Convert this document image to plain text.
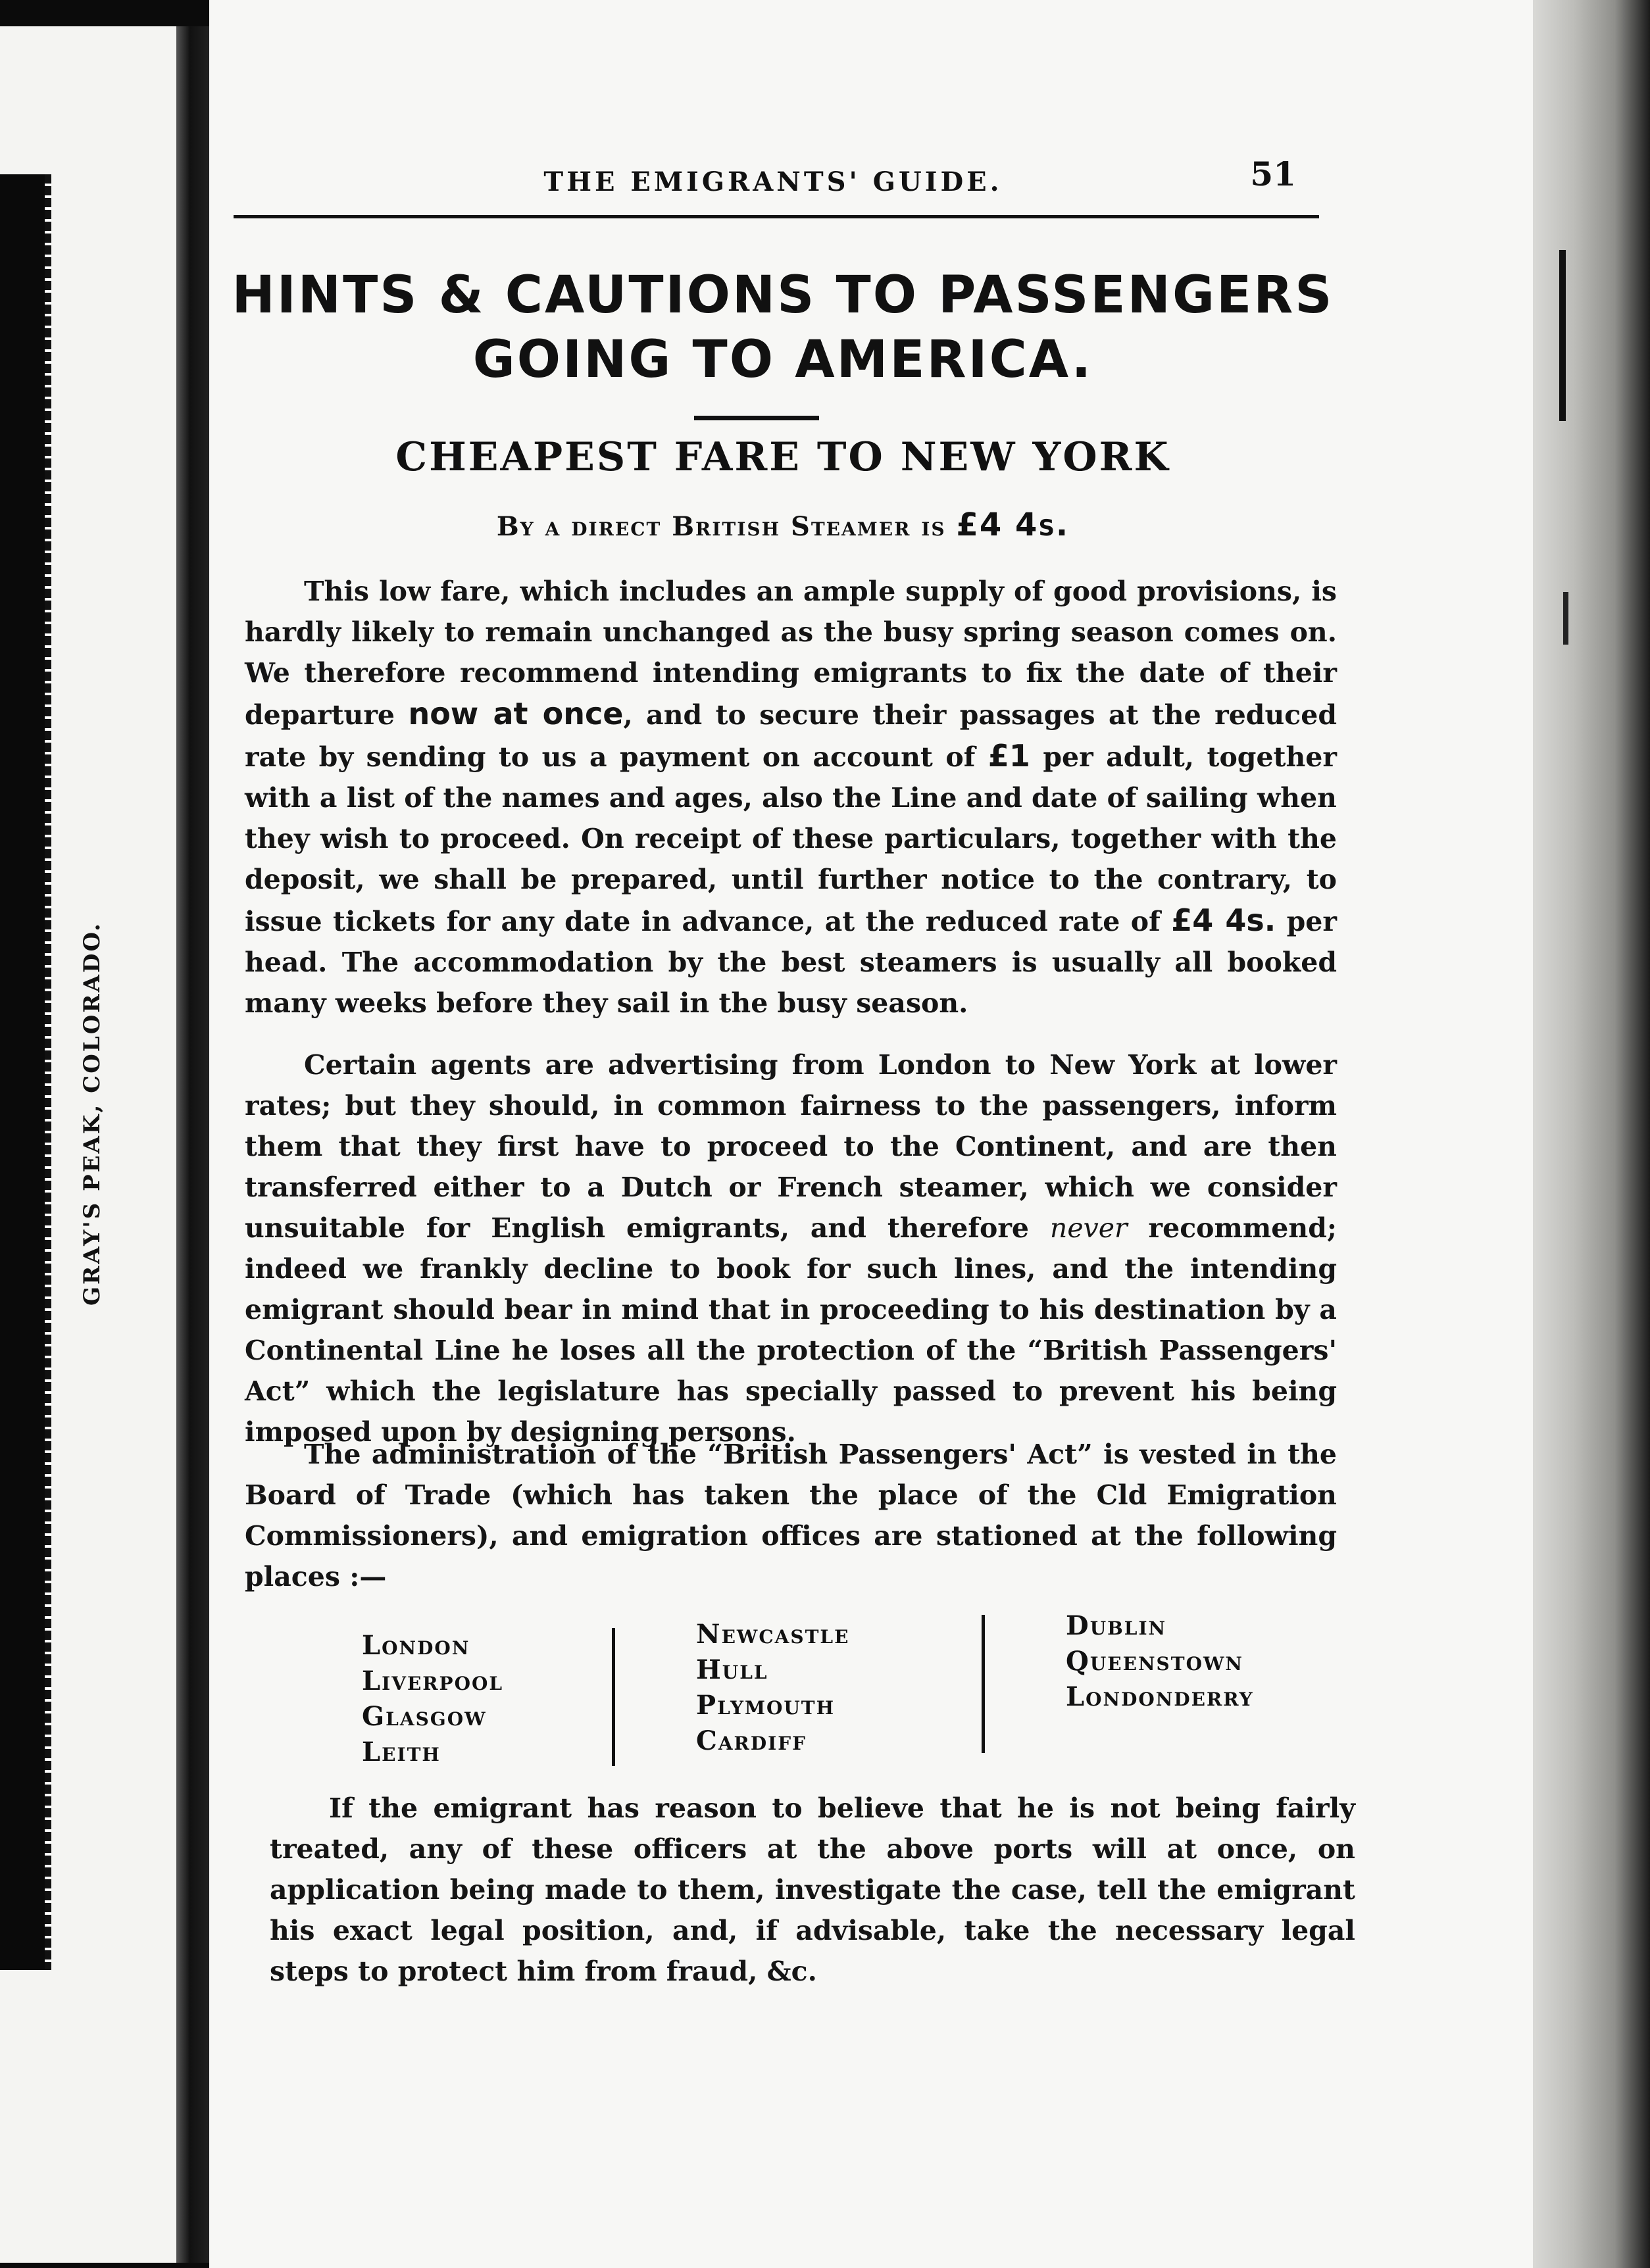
GRAY'S PEAK, COLORADO.
THE EMIGRANTS' GUIDE.	51
HINTS & CAUTIONS TO PASSENGERS
GOING TO AMERICA.
CHEAPEST FARE TO NEW YORK
By a direct British Steamer is £4 4s.

This low fare, which includes an ample supply of good provisions, is hardly likely to remain unchanged as the busy spring season comes on. We therefore recommend intending emigrants to fix the date of their departure now at once, and to secure their passages at the reduced rate by sending to us a payment on account of £1 per adult, together with a list of the names and ages, also the Line and date of sailing when they wish to proceed. On receipt of these particulars, together with the deposit, we shall be prepared, until further notice to the contrary, to issue tickets for any date in advance, at the reduced rate of £4 4s. per head. The accommodation by the best steamers is usually all booked many weeks before they sail in the busy season.

Certain agents are advertising from London to New York at lower rates; but they should, in common fairness to the passengers, inform them that they first have to proceed to the Continent, and are then transferred either to a Dutch or French steamer, which we consider unsuitable for English emigrants, and therefore never recommend; indeed we frankly decline to book for such lines, and the intending emigrant should bear in mind that in proceeding to his destination by a Continental Line he loses all the protection of the “British Passengers' Act” which the legislature has specially passed to prevent his being imposed upon by designing persons.

The administration of the “British Passengers' Act” is vested in the Board of Trade (which has taken the place of the Cld Emigration Commissioners), and emigration offices are stationed at the following places :—

London
Liverpool
Glasgow
Leith
Newcastle
Hull
Plymouth
Cardiff
Dublin
Queenstown
Londonderry

If the emigrant has reason to believe that he is not being fairly treated, any of these officers at the above ports will at once, on application being made to them, investigate the case, tell the emigrant his exact legal position, and, if advisable, take the necessary legal steps to protect him from fraud, &c.
